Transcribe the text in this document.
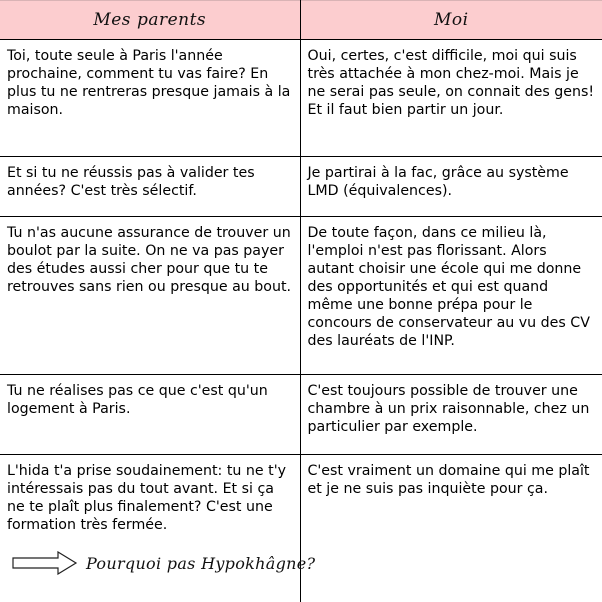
Mes parents	Moi
Toi, toute seule à Paris l'année prochaine, comment tu vas faire? En plus tu ne rentreras presque jamais à la maison.	Oui, certes, c'est difficile, moi qui suis très attachée à mon chez-moi. Mais je ne serai pas seule, on connait des gens! Et il faut bien partir un jour.
Et si tu ne réussis pas à valider tes années? C'est très sélectif.	Je partirai à la fac, grâce au système LMD (équivalences).
Tu n'as aucune assurance de trouver un boulot par la suite. On ne va pas payer des études aussi cher pour que tu te retrouves sans rien ou presque au bout.	De toute façon, dans ce milieu là, l'emploi n'est pas florissant. Alors autant choisir une école qui me donne des opportunités et qui est quand même une bonne prépa pour le concours de conservateur au vu des CV des lauréats de l'INP.
Tu ne réalises pas ce que c'est qu'un logement à Paris.	C'est toujours possible de trouver une chambre à un prix raisonnable, chez un particulier par exemple.
L'hida t'a prise soudainement: tu ne t'y intéressais pas du tout avant. Et si ça ne te plaît plus finalement? C'est une formation très fermée.	C'est vraiment un domaine qui me plaît et je ne suis pas inquiète pour ça.
Pourquoi pas Hypokhâgne?
